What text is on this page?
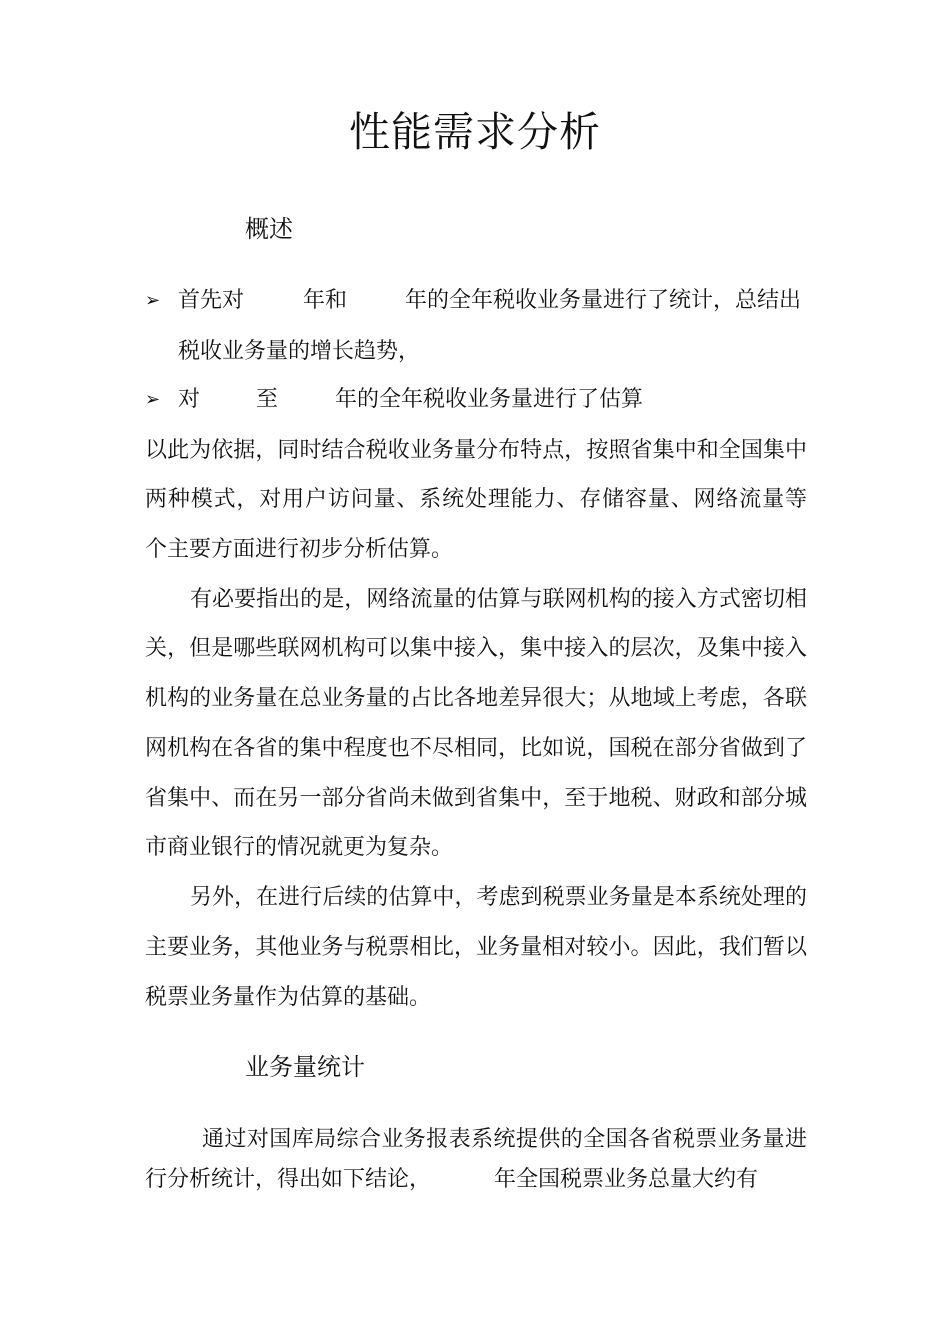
性能需求分析
概述
➢ 首先对	年和	年的全年税收业务量进行了统计，总结出
税收业务量的增长趋势，
➢ 对	至	年的全年税收业务量进行了估算
以此为依据，同时结合税收业务量分布特点，按照省集中和全国集中
两种模式，对用户访问量、系统处理能力、存储容量、网络流量等
个主要方面进行初步分析估算。
有必要指出的是，网络流量的估算与联网机构的接入方式密切相
关，但是哪些联网机构可以集中接入，集中接入的层次，及集中接入
机构的业务量在总业务量的占比各地差异很大；从地域上考虑，各联
网机构在各省的集中程度也不尽相同，比如说，国税在部分省做到了
省集中、而在另一部分省尚未做到省集中，至于地税、财政和部分城
市商业银行的情况就更为复杂。
另外，在进行后续的估算中，考虑到税票业务量是本系统处理的
主要业务，其他业务与税票相比，业务量相对较小。因此，我们暂以
税票业务量作为估算的基础。
业务量统计
通过对国库局综合业务报表系统提供的全国各省税票业务量进
行分析统计，得出如下结论，	年全国税票业务总量大约有
